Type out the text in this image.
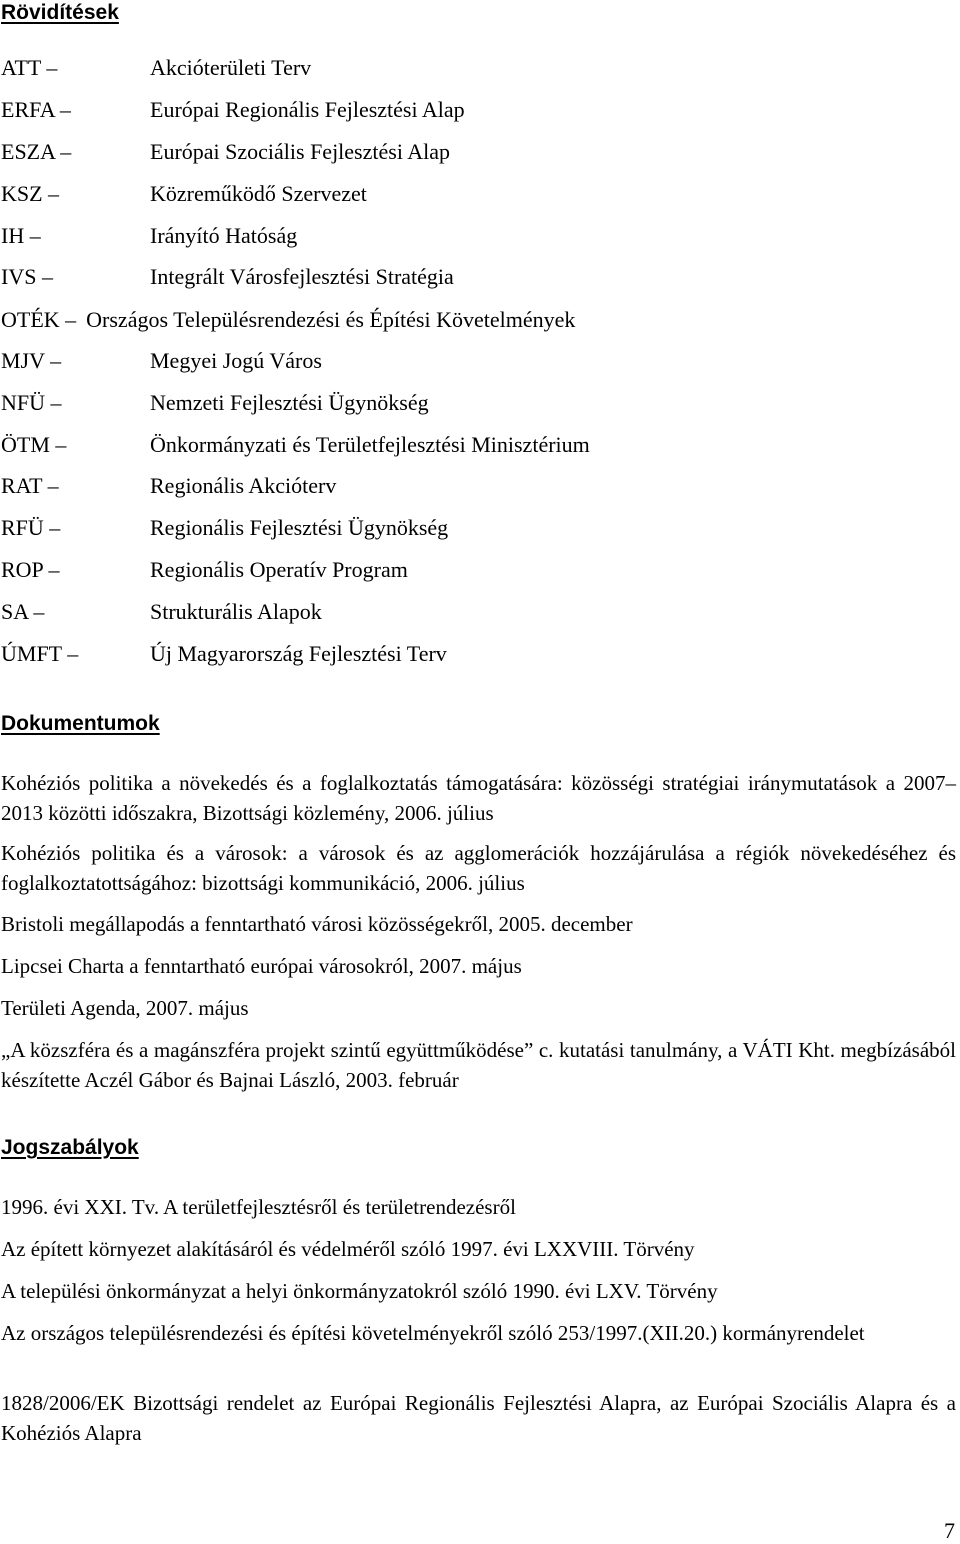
Rövidítések
ATT –	Akcióterületi Terv
ERFA –	Európai Regionális Fejlesztési Alap
ESZA –	Európai Szociális Fejlesztési Alap
KSZ –	Közreműködő Szervezet
IH –	Irányító Hatóság
IVS –	Integrált Városfejlesztési Stratégia
OTÉK – Országos Településrendezési és Építési Követelmények
MJV –	Megyei Jogú Város
NFÜ –	Nemzeti Fejlesztési Ügynökség
ÖTM –	Önkormányzati és Területfejlesztési Minisztérium
RAT –	Regionális Akcióterv
RFÜ –	Regionális Fejlesztési Ügynökség
ROP –	Regionális Operatív Program
SA –	Strukturális Alapok
ÚMFT –	Új Magyarország Fejlesztési Terv
Dokumentumok
Kohéziós politika a növekedés és a foglalkoztatás támogatására: közösségi stratégiai iránymutatások a 2007–2013 közötti időszakra, Bizottsági közlemény, 2006. július
Kohéziós politika és a városok: a városok és az agglomerációk hozzájárulása a régiók növekedéséhez és foglalkoztatottságához: bizottsági kommunikáció, 2006. július
Bristoli megállapodás a fenntartható városi közösségekről, 2005. december
Lipcsei Charta a fenntartható európai városokról, 2007. május
Területi Agenda, 2007. május
„A közszféra és a magánszféra projekt szintű együttműködése” c. kutatási tanulmány, a VÁTI Kht. megbízásából készítette Aczél Gábor és Bajnai László, 2003. február
Jogszabályok
1996. évi XXI. Tv. A területfejlesztésről és területrendezésről
Az épített környezet alakításáról és védelméről szóló 1997. évi LXXVIII. Törvény
A települési önkormányzat a helyi önkormányzatokról szóló 1990. évi LXV. Törvény
Az országos településrendezési és építési követelményekről szóló 253/1997.(XII.20.) kormányrendelet
1828/2006/EK Bizottsági rendelet az Európai Regionális Fejlesztési Alapra, az Európai Szociális Alapra és a Kohéziós Alapra
7
